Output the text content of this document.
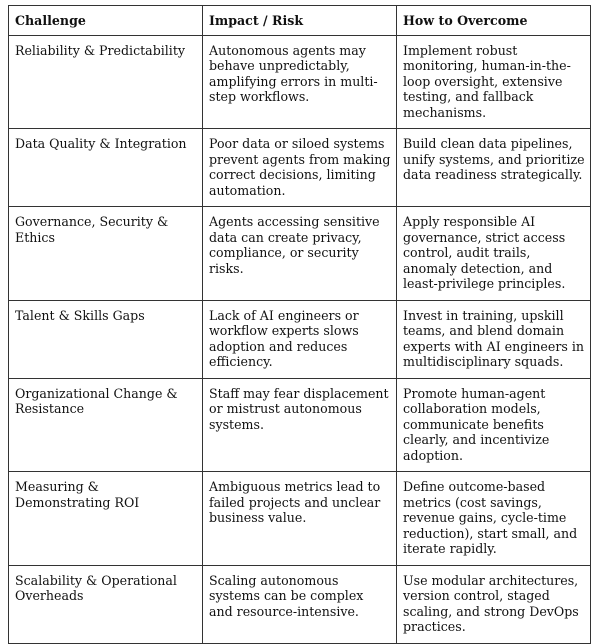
Challenge	Impact / Risk	How to Overcome
Reliability & Predictability	Autonomous agents may behave unpredictably, amplifying errors in multi-step workflows.	Implement robust monitoring, human-in-the-loop oversight, extensive testing, and fallback mechanisms.
Data Quality & Integration	Poor data or siloed systems prevent agents from making correct decisions, limiting automation.	Build clean data pipelines, unify systems, and prioritize data readiness strategically.
Governance, Security & Ethics	Agents accessing sensitive data can create privacy, compliance, or security risks.	Apply responsible AI governance, strict access control, audit trails, anomaly detection, and least-privilege principles.
Talent & Skills Gaps	Lack of AI engineers or workflow experts slows adoption and reduces efficiency.	Invest in training, upskill teams, and blend domain experts with AI engineers in multidisciplinary squads.
Organizational Change & Resistance	Staff may fear displacement or mistrust autonomous systems.	Promote human-agent collaboration models, communicate benefits clearly, and incentivize adoption.
Measuring & Demonstrating ROI	Ambiguous metrics lead to failed projects and unclear business value.	Define outcome-based metrics (cost savings, revenue gains, cycle-time reduction), start small, and iterate rapidly.
Scalability & Operational Overheads	Scaling autonomous systems can be complex and resource-intensive.	Use modular architectures, version control, staged scaling, and strong DevOps practices.
